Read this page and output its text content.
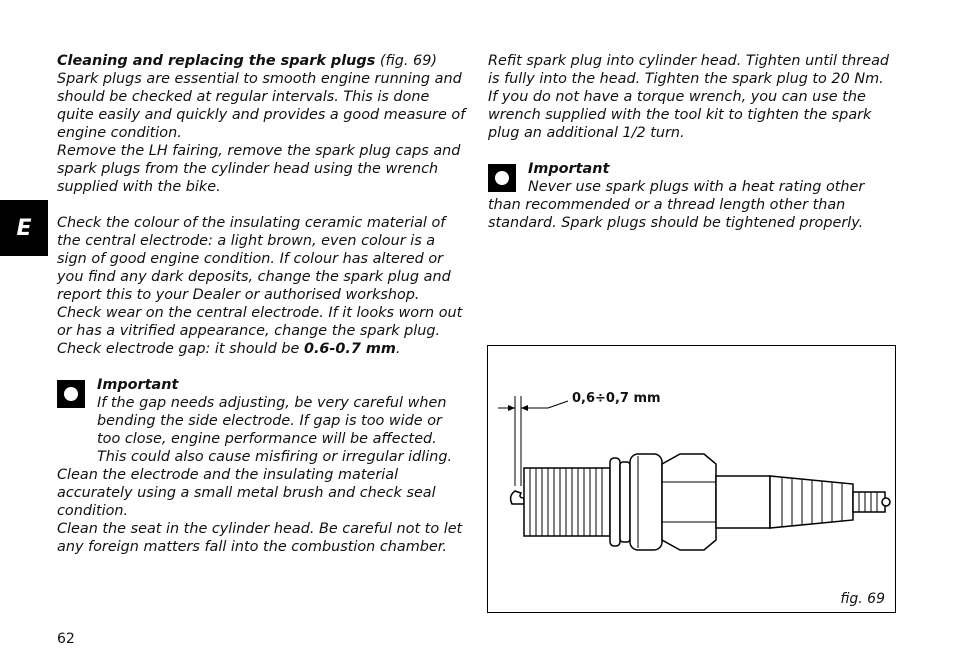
E

Cleaning and replacing the spark plugs (fig. 69)

Spark plugs are essential to smooth engine running and should be checked at regular intervals. This is done quite easily and quickly and provides a good measure of engine condition.

Remove the LH fairing, remove the spark plug caps and spark plugs from the cylinder head using the wrench supplied with the bike.

Check the colour of the insulating ceramic material of the central electrode: a light brown, even colour is a sign of good engine condition. If colour has altered or you find any dark deposits, change the spark plug and report this to your Dealer or authorised workshop.

Check wear on the central electrode. If it looks worn out or has a vitrified appearance, change the spark plug.

Check electrode gap: it should be 0.6-0.7 mm.

Important

If the gap needs adjusting, be very careful when bending the side electrode. If gap is too wide or too close, engine performance will be affected. This could also cause misfiring or irregular idling.

Clean the electrode and the insulating material accurately using a small metal brush and check seal condition.

Clean the seat in the cylinder head. Be careful not to let any foreign matters fall into the combustion chamber.

Refit spark plug into cylinder head. Tighten until thread is fully into the head. Tighten the spark plug to 20 Nm.

If you do not have a torque wrench, you can use the wrench supplied with the tool kit to tighten the spark plug an additional 1/2 turn.

Important

Never use spark plugs with a heat rating other than recommended or a thread length other than standard. Spark plugs should be tightened properly.

0,6÷0,7 mm
fig. 69
62
